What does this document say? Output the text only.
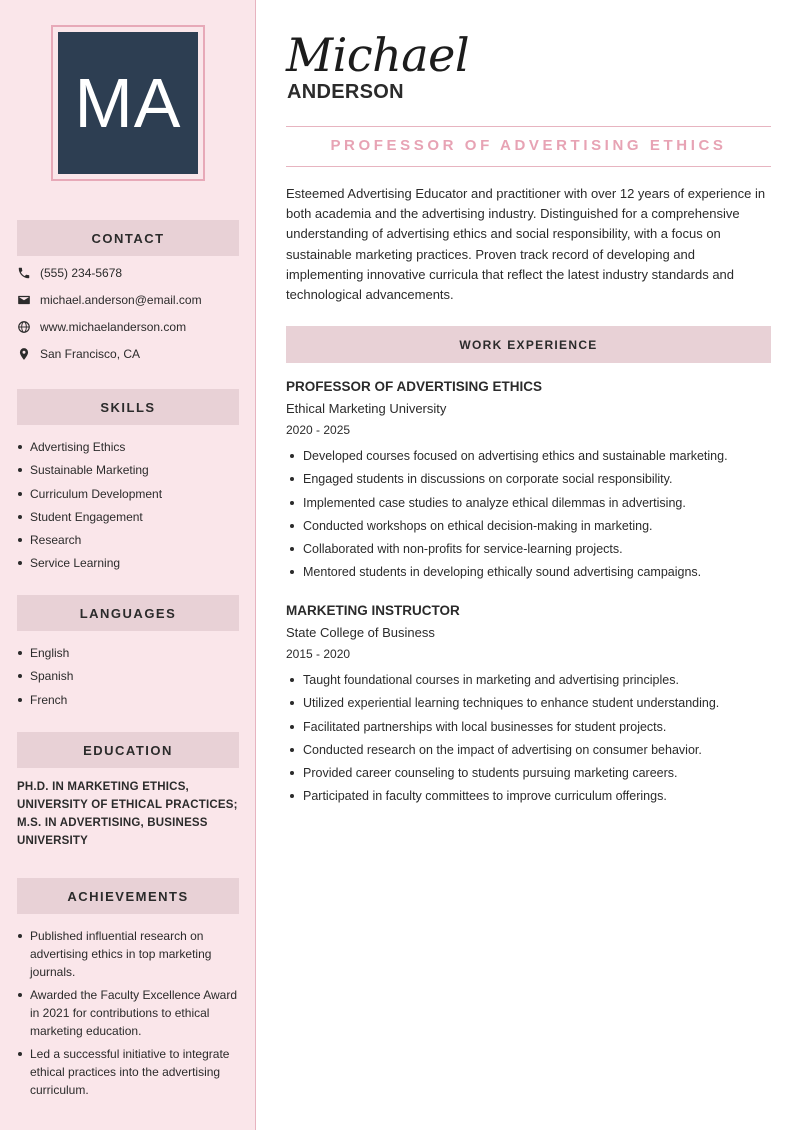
MA
CONTACT
(555) 234-5678
michael.anderson@email.com
www.michaelanderson.com
San Francisco, CA
SKILLS
Advertising Ethics
Sustainable Marketing
Curriculum Development
Student Engagement
Research
Service Learning
LANGUAGES
English
Spanish
French
EDUCATION
PH.D. IN MARKETING ETHICS, UNIVERSITY OF ETHICAL PRACTICES; M.S. IN ADVERTISING, BUSINESS UNIVERSITY
ACHIEVEMENTS
Published influential research on advertising ethics in top marketing journals.
Awarded the Faculty Excellence Award in 2021 for contributions to ethical marketing education.
Led a successful initiative to integrate ethical practices into the advertising curriculum.
Michael
ANDERSON
PROFESSOR OF ADVERTISING ETHICS
Esteemed Advertising Educator and practitioner with over 12 years of experience in both academia and the advertising industry. Distinguished for a comprehensive understanding of advertising ethics and social responsibility, with a focus on sustainable marketing practices. Proven track record of developing and implementing innovative curricula that reflect the latest industry standards and technological advancements.
WORK EXPERIENCE
PROFESSOR OF ADVERTISING ETHICS
Ethical Marketing University
2020 - 2025
Developed courses focused on advertising ethics and sustainable marketing.
Engaged students in discussions on corporate social responsibility.
Implemented case studies to analyze ethical dilemmas in advertising.
Conducted workshops on ethical decision-making in marketing.
Collaborated with non-profits for service-learning projects.
Mentored students in developing ethically sound advertising campaigns.
MARKETING INSTRUCTOR
State College of Business
2015 - 2020
Taught foundational courses in marketing and advertising principles.
Utilized experiential learning techniques to enhance student understanding.
Facilitated partnerships with local businesses for student projects.
Conducted research on the impact of advertising on consumer behavior.
Provided career counseling to students pursuing marketing careers.
Participated in faculty committees to improve curriculum offerings.
